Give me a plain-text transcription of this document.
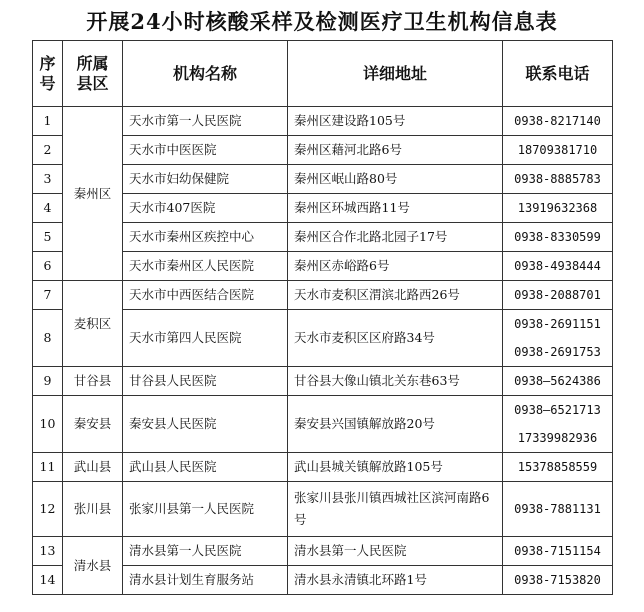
开展24小时核酸采样及检测医疗卫生机构信息表
序号	所属县区	机构名称	详细地址	联系电话
1	秦州区	天水市第一人民医院	秦州区建设路105号	0938-8217140
2		天水市中医医院	秦州区藉河北路6号	18709381710
3		天水市妇幼保健院	秦州区岷山路80号	0938-8885783
4		天水市407医院	秦州区环城西路11号	13919632368
5		天水市秦州区疾控中心	秦州区合作北路北园子17号	0938-8330599
6		天水市秦州区人民医院	秦州区赤峪路6号	0938-4938444
7	麦积区	天水市中西医结合医院	天水市麦积区渭滨北路西26号	0938-2088701
8		天水市第四人民医院	天水市麦积区区府路34号	0938-2691151
0938-2691753

9	甘谷县	甘谷县人民医院	甘谷县大像山镇北关东巷63号	0938—5624386
10	秦安县	秦安县人民医院	秦安县兴国镇解放路20号	0938—6521713
17339982936

11	武山县	武山县人民医院	武山县城关镇解放路105号	15378858559
12	张川县	张家川县第一人民医院	张家川县张川镇西城社区滨河南路6号	0938-7881131
13	清水县	清水县第一人民医院	清水县第一人民医院	0938-7151154
14		清水县计划生育服务站	清水县永清镇北环路1号	0938-7153820
